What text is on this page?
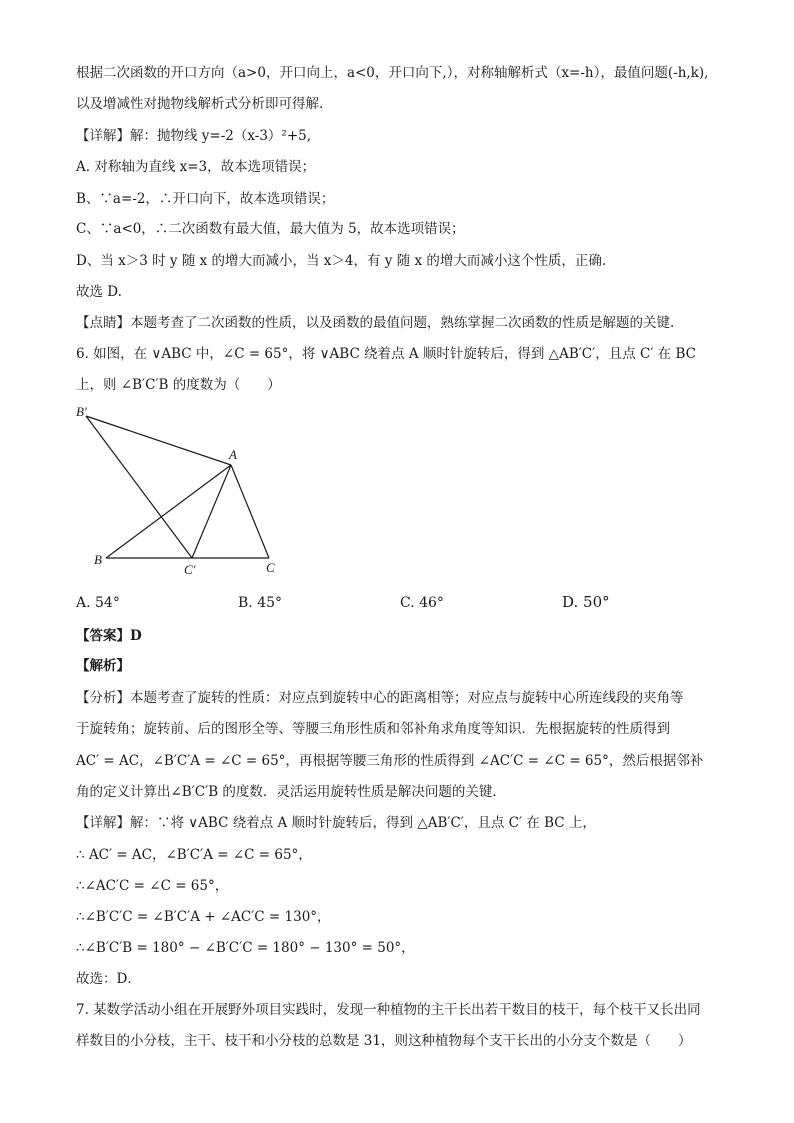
根据二次函数的开口方向（a>0，开口向上，a<0，开口向下,），对称轴解析式（x=-h），最值问题(-h,k),
以及增减性对抛物线解析式分析即可得解.
【详解】解：抛物线 y=-2（x-3）²+5,
A. 对称轴为直线 x=3，故本选项错误；
B、∵a=-2，∴开口向下，故本选项错误；
C、∵a<0，∴二次函数有最大值，最大值为 5，故本选项错误；
D、当 x＞3 时 y 随 x 的增大而减小，当 x＞4，有 y 随 x 的增大而减小这个性质，正确.
故选 D.
【点睛】本题考查了二次函数的性质，以及函数的最值问题，熟练掌握二次函数的性质是解题的关键.
6. 如图，在 ∨ABC 中，∠C = 65°，将 ∨ABC 绕着点 A 顺时针旋转后，得到 △AB′C′，且点 C′ 在 BC
上，则 ∠B′C′B 的度数为（　　）
B′
A
B
C′	C
A. 54°	B. 45°	C. 46°	D. 50°
【答案】D
【解析】
【分析】本题考查了旋转的性质：对应点到旋转中心的距离相等；对应点与旋转中心所连线段的夹角等
于旋转角；旋转前、后的图形全等、等腰三角形性质和邻补角求角度等知识．先根据旋转的性质得到
AC′ = AC，∠B′C′A = ∠C = 65°，再根据等腰三角形的性质得到 ∠AC′C = ∠C = 65°，然后根据邻补
角的定义计算出∠B′C′B 的度数．灵活运用旋转性质是解决问题的关键．
【详解】解：∵将 ∨ABC 绕着点 A 顺时针旋转后，得到 △AB′C′，且点 C′ 在 BC 上，
∴ AC′ = AC，∠B′C′A = ∠C = 65°，
∴∠AC′C = ∠C = 65°，
∴∠B′C′C = ∠B′C′A + ∠AC′C = 130°，
∴∠B′C′B = 180° − ∠B′C′C = 180° − 130° = 50°，
故选：D．
7. 某数学活动小组在开展野外项目实践时，发现一种植物的主干长出若干数目的枝干，每个枝干又长出同
样数目的小分枝，主干、枝干和小分枝的总数是 31，则这种植物每个支干长出的小分支个数是（　　）
